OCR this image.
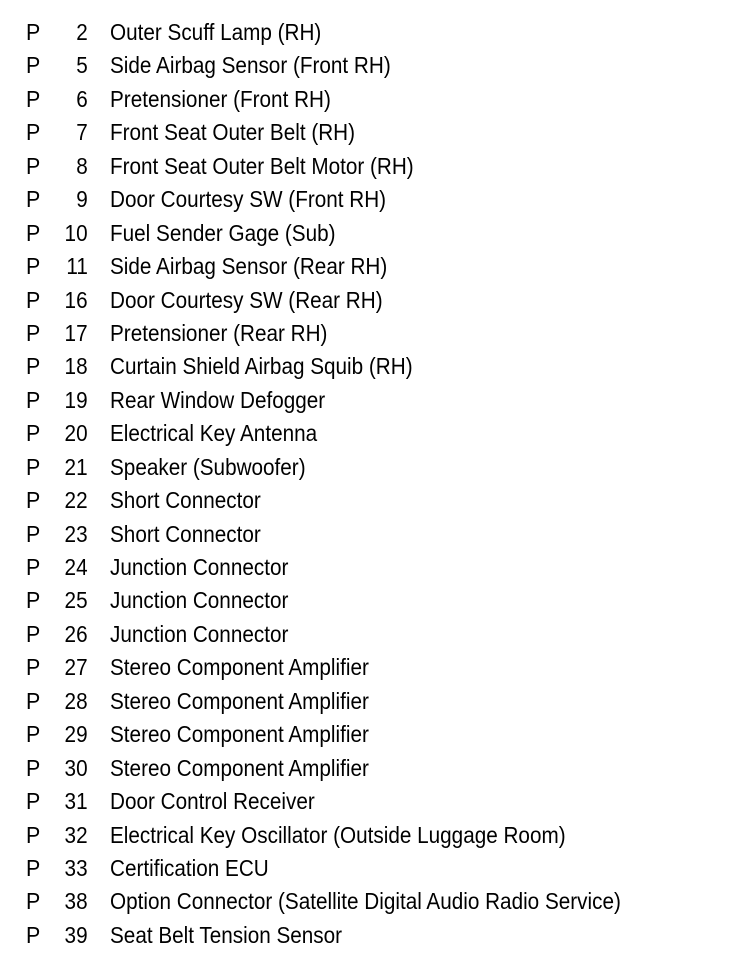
P 2 Outer Scuff Lamp (RH)
P 5 Side Airbag Sensor (Front RH)
P 6 Pretensioner (Front RH)
P 7 Front Seat Outer Belt (RH)
P 8 Front Seat Outer Belt Motor (RH)
P 9 Door Courtesy SW (Front RH)
P 10 Fuel Sender Gage (Sub)
P 11 Side Airbag Sensor (Rear RH)
P 16 Door Courtesy SW (Rear RH)
P 17 Pretensioner (Rear RH)
P 18 Curtain Shield Airbag Squib (RH)
P 19 Rear Window Defogger
P 20 Electrical Key Antenna
P 21 Speaker (Subwoofer)
P 22 Short Connector
P 23 Short Connector
P 24 Junction Connector
P 25 Junction Connector
P 26 Junction Connector
P 27 Stereo Component Amplifier
P 28 Stereo Component Amplifier
P 29 Stereo Component Amplifier
P 30 Stereo Component Amplifier
P 31 Door Control Receiver
P 32 Electrical Key Oscillator (Outside Luggage Room)
P 33 Certification ECU
P 38 Option Connector (Satellite Digital Audio Radio Service)
P 39 Seat Belt Tension Sensor
